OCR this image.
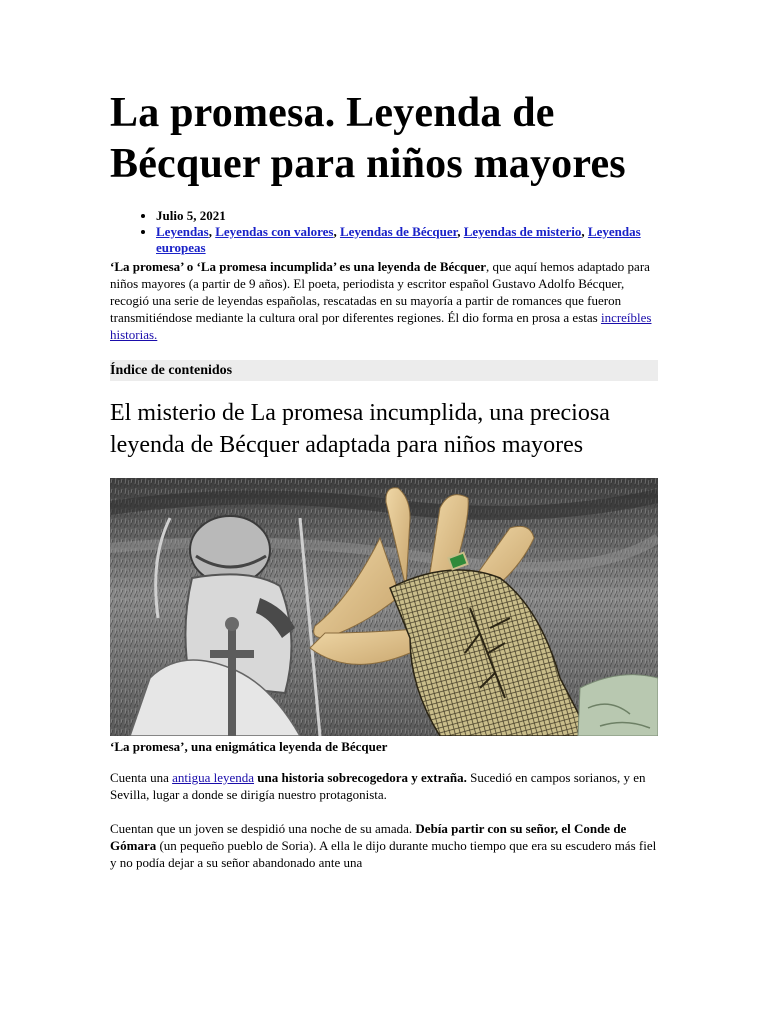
La promesa. Leyenda de Bécquer para niños mayores
• Julio 5, 2021
• Leyendas, Leyendas con valores, Leyendas de Bécquer, Leyendas de misterio, Leyendas europeas

‘La promesa’ o ‘La promesa incumplida’ es una leyenda de Bécquer, que aquí hemos adaptado para niños mayores (a partir de 9 años). El poeta, periodista y escritor español Gustavo Adolfo Bécquer, recogió una serie de leyendas españolas, rescatadas en su mayoría a partir de romances que fueron transmitiéndose mediante la cultura oral por diferentes regiones. Él dio forma en prosa a estas increíbles historias.

Índice de contenidos
El misterio de La promesa incumplida, una preciosa leyenda de Bécquer adaptada para niños mayores
‘La promesa’, una enigmática leyenda de Bécquer

Cuenta una antigua leyenda una historia sobrecogedora y extraña. Sucedió en campos sorianos, y en Sevilla, lugar a donde se dirigía nuestro protagonista.

Cuentan que un joven se despidió una noche de su amada. Debía partir con su señor, el Conde de Gómara (un pequeño pueblo de Soria). A ella le dijo durante mucho tiempo que era su escudero más fiel y no podía dejar a su señor abandonado ante una
